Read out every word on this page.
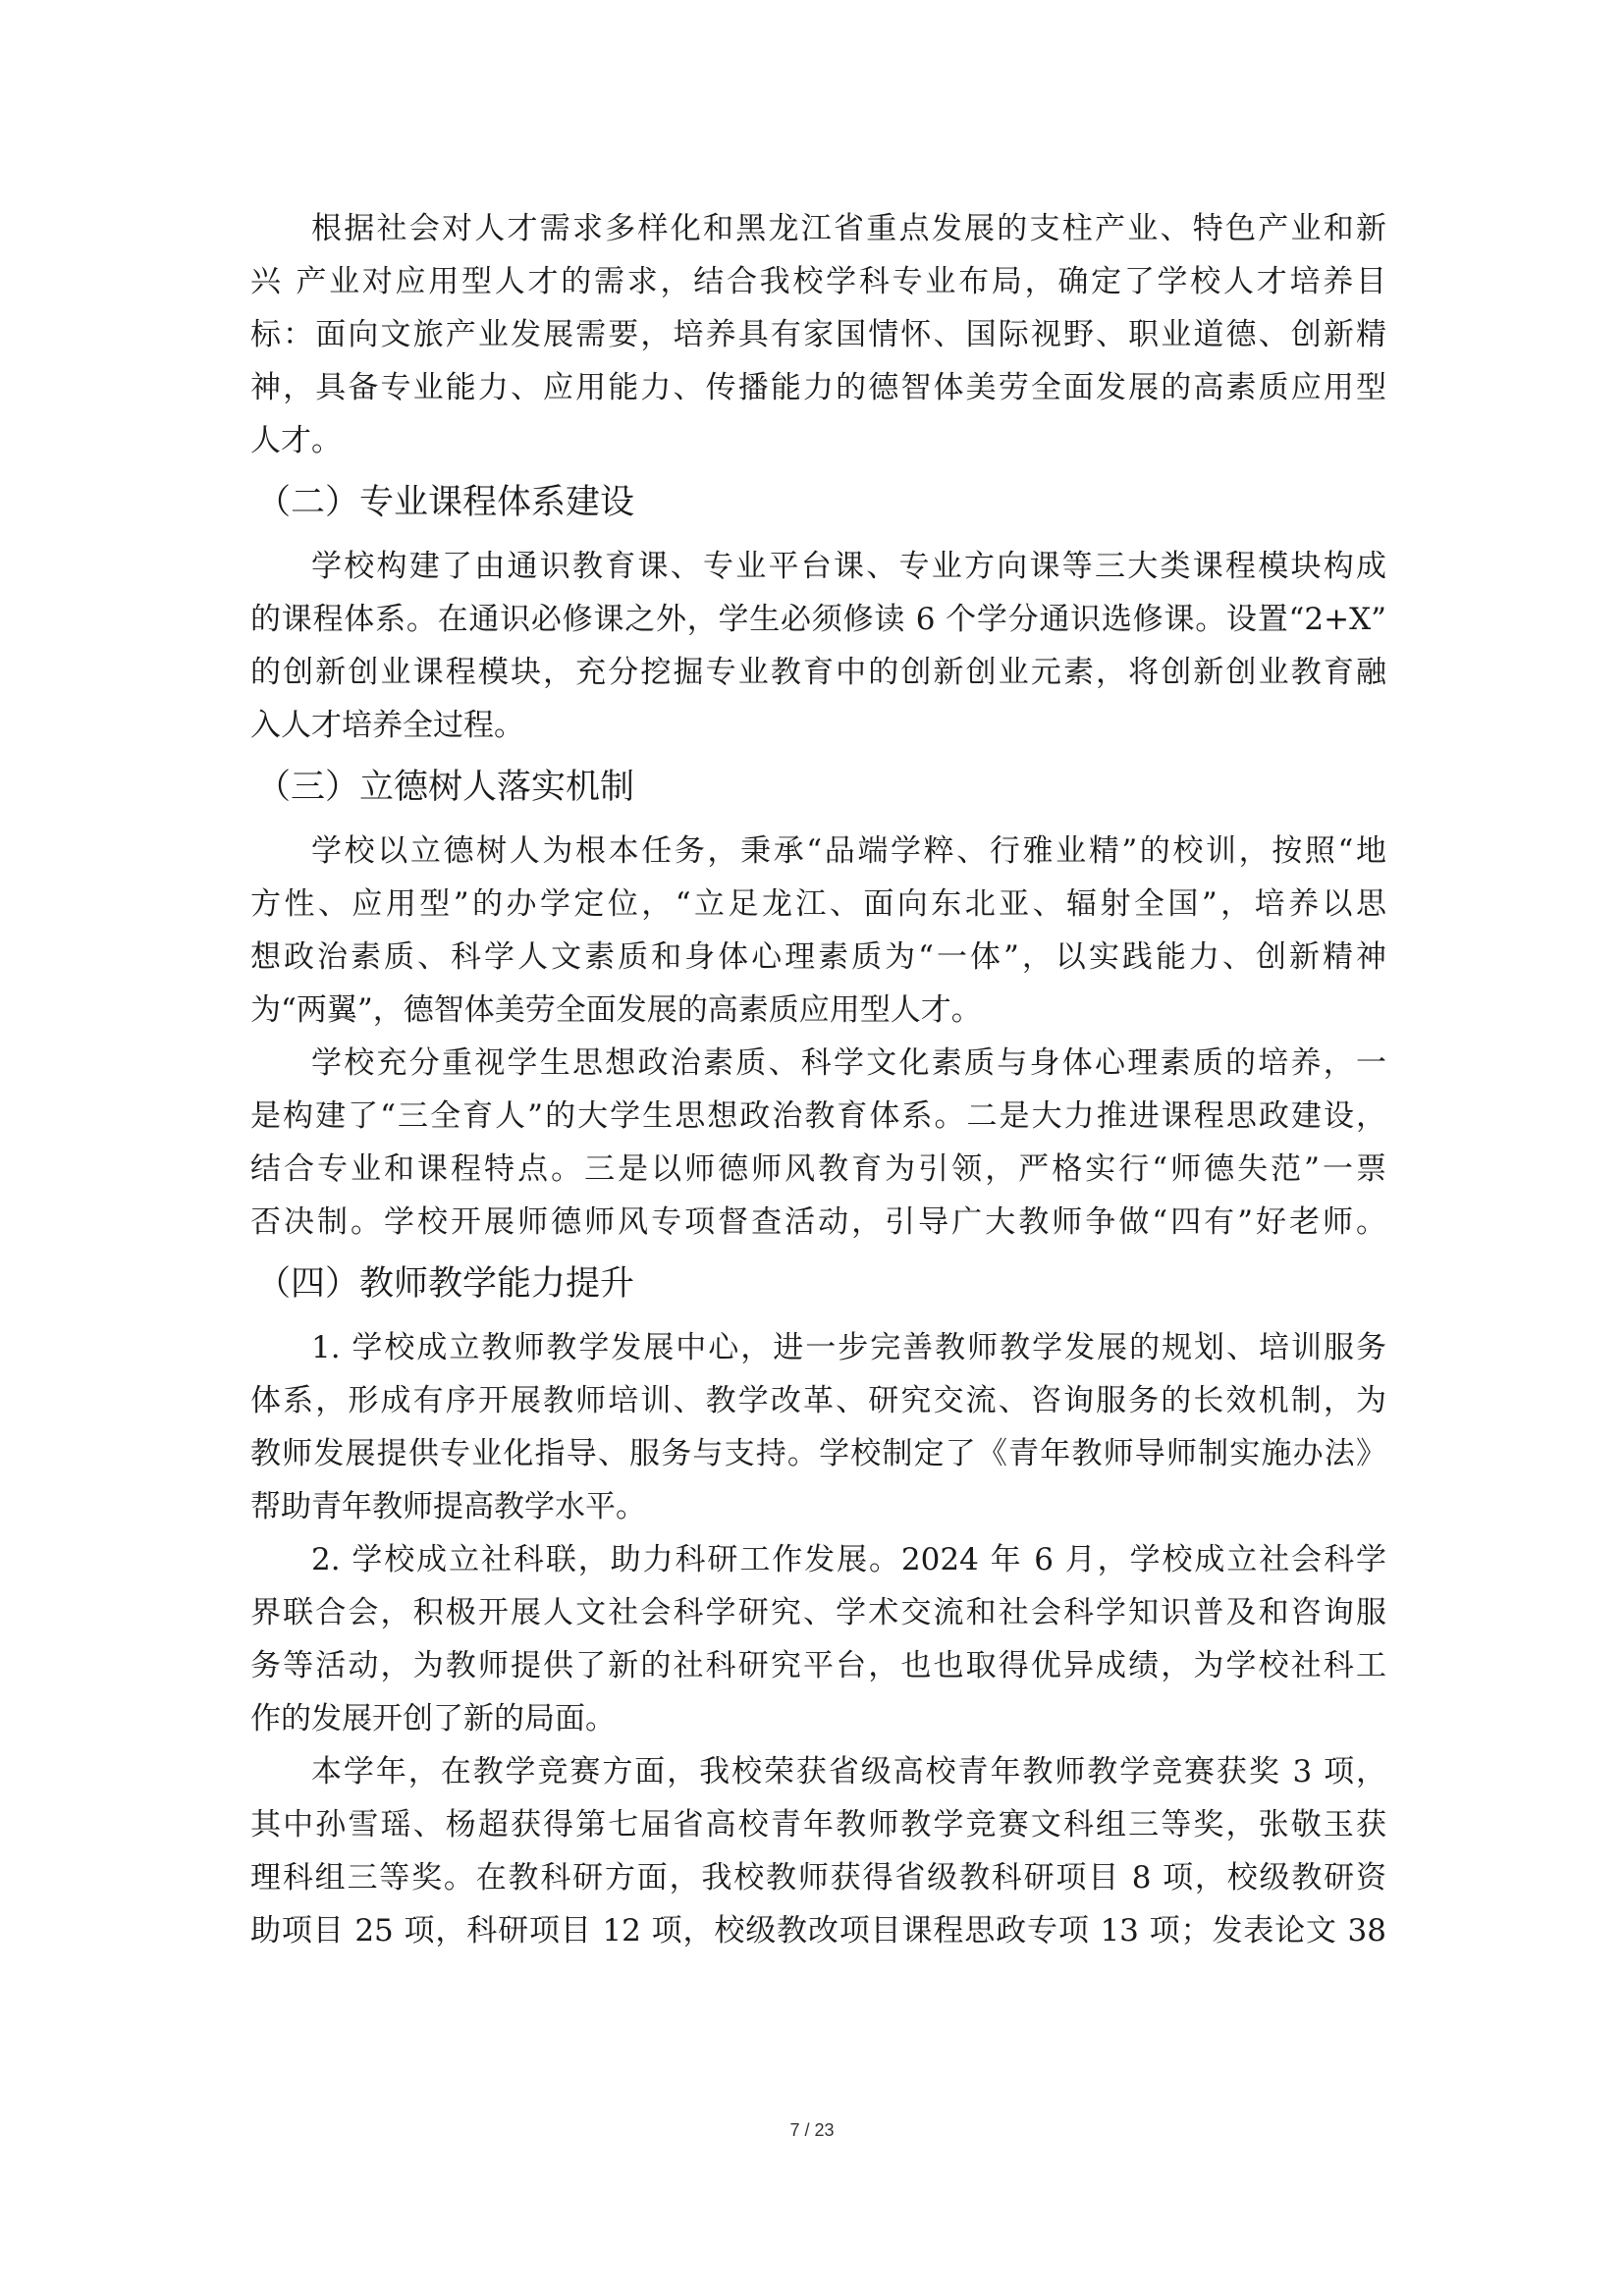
根据社会对人才需求多样化和黑龙江省重点发展的支柱产业、特色产业和新
兴 产业对应用型人才的需求，结合我校学科专业布局，确定了学校人才培养目
标：面向文旅产业发展需要，培养具有家国情怀、国际视野、职业道德、创新精
神，具备专业能力、应用能力、传播能力的德智体美劳全面发展的高素质应用型
人才。
（二）专业课程体系建设
学校构建了由通识教育课、专业平台课、专业方向课等三大类课程模块构成
的课程体系。在通识必修课之外，学生必须修读 6 个学分通识选修课。设置“2+X”
的创新创业课程模块，充分挖掘专业教育中的创新创业元素，将创新创业教育融
入人才培养全过程。
（三）立德树人落实机制
学校以立德树人为根本任务，秉承“品端学粹、行雅业精”的校训，按照“地
方性、应用型”的办学定位，“立足龙江、面向东北亚、辐射全国”，培养以思
想政治素质、科学人文素质和身体心理素质为“一体”，以实践能力、创新精神
为“两翼”，德智体美劳全面发展的高素质应用型人才。
学校充分重视学生思想政治素质、科学文化素质与身体心理素质的培养，一
是构建了“三全育人”的大学生思想政治教育体系。二是大力推进课程思政建设，
结合专业和课程特点。三是以师德师风教育为引领，严格实行“师德失范”一票
否决制。学校开展师德师风专项督查活动，引导广大教师争做“四有”好老师。
（四）教师教学能力提升
1. 学校成立教师教学发展中心，进一步完善教师教学发展的规划、培训服务
体系，形成有序开展教师培训、教学改革、研究交流、咨询服务的长效机制，为
教师发展提供专业化指导、服务与支持。学校制定了《青年教师导师制实施办法》
帮助青年教师提高教学水平。
2. 学校成立社科联，助力科研工作发展。2024 年 6 月，学校成立社会科学
界联合会，积极开展人文社会科学研究、学术交流和社会科学知识普及和咨询服
务等活动，为教师提供了新的社科研究平台，也也取得优异成绩，为学校社科工
作的发展开创了新的局面。
本学年，在教学竞赛方面，我校荣获省级高校青年教师教学竞赛获奖 3 项，
其中孙雪瑶、杨超获得第七届省高校青年教师教学竞赛文科组三等奖，张敬玉获
理科组三等奖。在教科研方面，我校教师获得省级教科研项目 8 项，校级教研资
助项目 25 项，科研项目 12 项，校级教改项目课程思政专项 13 项；发表论文 38
7 / 23
